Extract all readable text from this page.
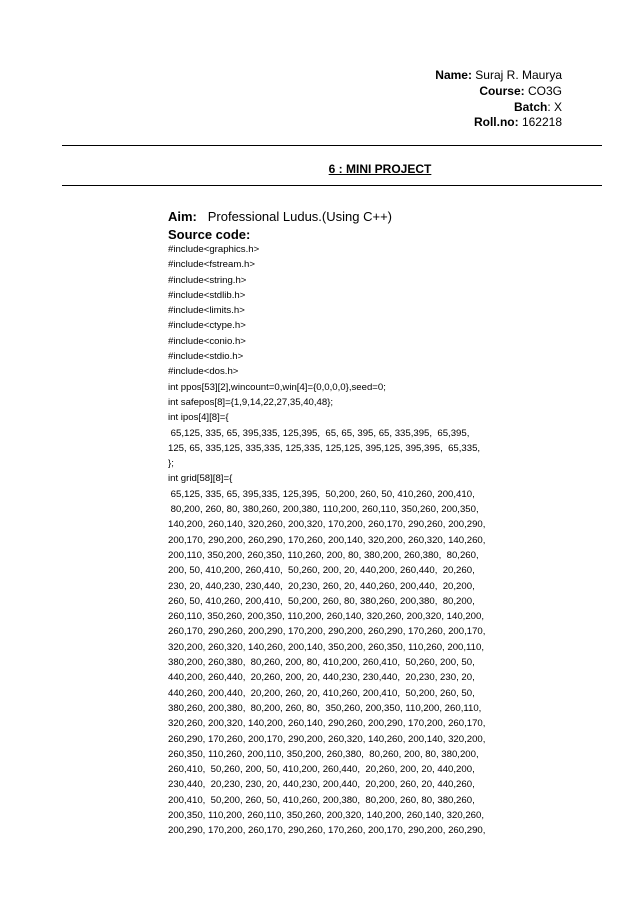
Name: Suraj R. Maurya
Course: CO3G
Batch: X
Roll.no: 162218
6 : MINI PROJECT
Aim: Professional Ludus.(Using C++)
Source code:
#include<graphics.h>
#include<fstream.h>
#include<string.h>
#include<stdlib.h>
#include<limits.h>
#include<ctype.h>
#include<conio.h>
#include<stdio.h>
#include<dos.h>
int ppos[53][2],wincount=0,win[4]={0,0,0,0},seed=0;
int safepos[8]={1,9,14,22,27,35,40,48};
int ipos[4][8]={
65,125, 335, 65, 395,335, 125,395,  65, 65, 395, 65, 335,395,  65,395,
125, 65, 335,125, 335,335, 125,335, 125,125, 395,125, 395,395,  65,335,
};
int grid[58][8]={
65,125, 335, 65, 395,335, 125,395,  50,200, 260, 50, 410,260, 200,410,
80,200, 260, 80, 380,260, 200,380, 110,200, 260,110, 350,260, 200,350,
140,200, 260,140, 320,260, 200,320, 170,200, 260,170, 290,260, 200,290,
200,170, 290,200, 260,290, 170,260, 200,140, 320,200, 260,320, 140,260,
200,110, 350,200, 260,350, 110,260, 200, 80, 380,200, 260,380,  80,260,
200, 50, 410,200, 260,410,  50,260, 200, 20, 440,200, 260,440,  20,260,
230, 20, 440,230, 230,440,  20,230, 260, 20, 440,260, 200,440,  20,200,
260, 50, 410,260, 200,410,  50,200, 260, 80, 380,260, 200,380,  80,200,
260,110, 350,260, 200,350, 110,200, 260,140, 320,260, 200,320, 140,200,
260,170, 290,260, 200,290, 170,200, 290,200, 260,290, 170,260, 200,170,
320,200, 260,320, 140,260, 200,140, 350,200, 260,350, 110,260, 200,110,
380,200, 260,380,  80,260, 200, 80, 410,200, 260,410,  50,260, 200, 50,
440,200, 260,440,  20,260, 200, 20, 440,230, 230,440,  20,230, 230, 20,
440,260, 200,440,  20,200, 260, 20, 410,260, 200,410,  50,200, 260, 50,
380,260, 200,380,  80,200, 260, 80,  350,260, 200,350, 110,200, 260,110,
320,260, 200,320, 140,200, 260,140, 290,260, 200,290, 170,200, 260,170,
260,290, 170,260, 200,170, 290,200, 260,320, 140,260, 200,140, 320,200,
260,350, 110,260, 200,110, 350,200, 260,380,  80,260, 200, 80, 380,200,
260,410,  50,260, 200, 50, 410,200, 260,440,  20,260, 200, 20, 440,200,
230,440,  20,230, 230, 20, 440,230, 200,440,  20,200, 260, 20, 440,260,
200,410,  50,200, 260, 50, 410,260, 200,380,  80,200, 260, 80, 380,260,
200,350, 110,200, 260,110, 350,260, 200,320, 140,200, 260,140, 320,260,
200,290, 170,200, 260,170, 290,260, 170,260, 200,170, 290,200, 260,290,
